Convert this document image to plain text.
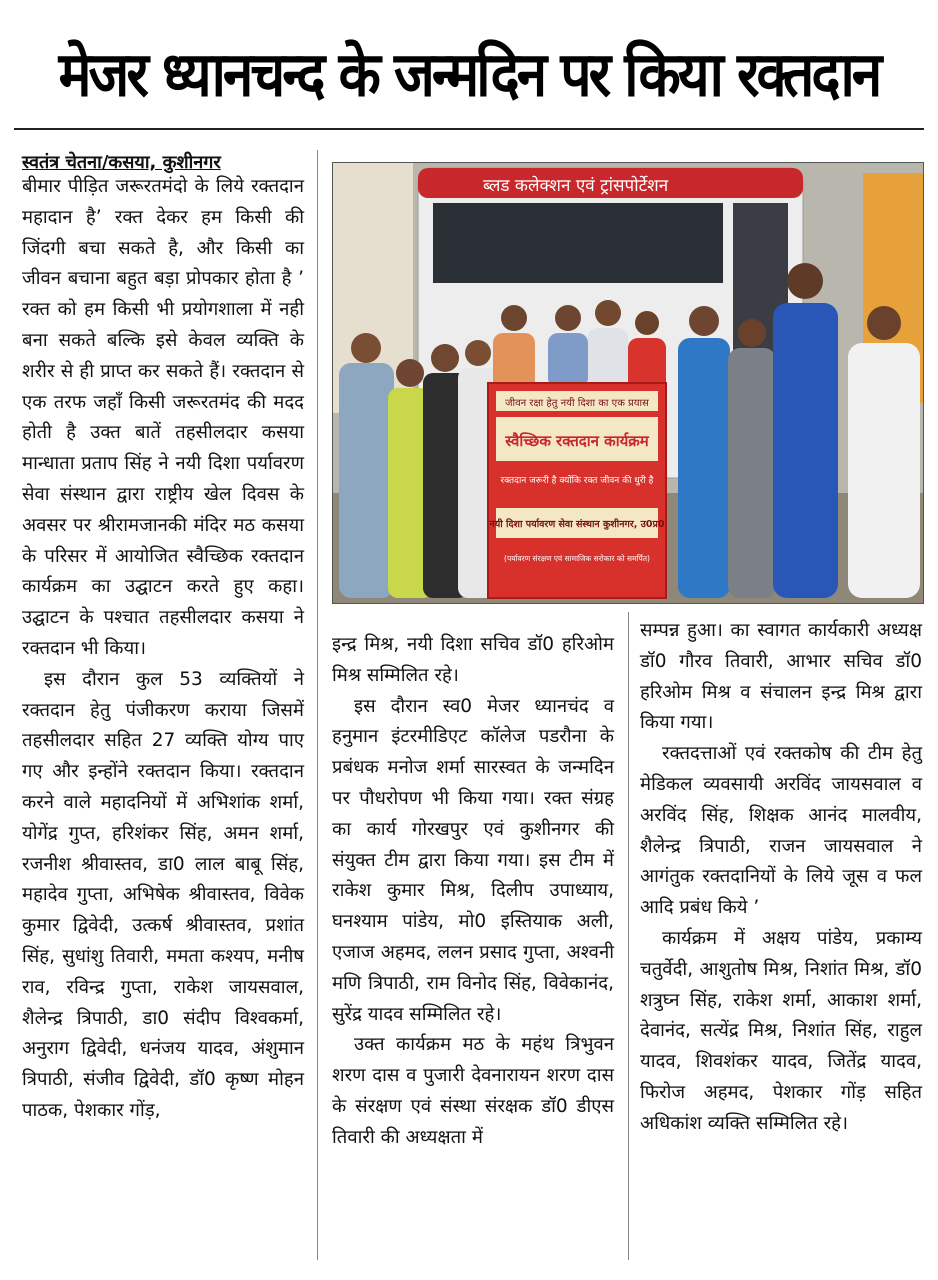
मेजर ध्यानचन्द के जन्मदिन पर किया रक्तदान
स्वतंत्र चेतना/कसया, कुशीनगर

बीमार पीड़ित जरूरतमंदो के लिये रक्तदान महादान है’ रक्त देकर हम किसी की जिंदगी बचा सकते है, और किसी का जीवन बचाना बहुत बड़ा प्रोपकार होता है ’ रक्त को हम किसी भी प्रयोगशाला में नही बना सकते बल्कि इसे केवल व्यक्ति के शरीर से ही प्राप्त कर सकते हैं। रक्तदान से एक तरफ जहाँ किसी जरूरतमंद की मदद होती है उक्त बातें तहसीलदार कसया मान्धाता प्रताप सिंह ने नयी दिशा पर्यावरण सेवा संस्थान द्वारा राष्ट्रीय खेल दिवस के अवसर पर श्रीरामजानकी मंदिर मठ कसया के परिसर में आयोजित स्वैच्छिक रक्तदान कार्यक्रम का उद्घाटन करते हुए कहा। उद्घाटन के पश्चात तहसीलदार कसया ने रक्तदान भी किया।

इस दौरान कुल 53 व्यक्तियों ने रक्तदान हेतु पंजीकरण कराया जिसमें तहसीलदार सहित 27 व्यक्ति योग्य पाए गए और इन्होंने रक्तदान किया। रक्तदान करने वाले महादनियों में अभिशांक शर्मा, योगेंद्र गुप्त, हरिशंकर सिंह, अमन शर्मा, रजनीश श्रीवास्तव, डा0 लाल बाबू सिंह, महादेव गुप्ता, अभिषेक श्रीवास्तव, विवेक कुमार द्विवेदी, उत्कर्ष श्रीवास्तव, प्रशांत सिंह, सुधांशु तिवारी, ममता कश्यप, मनीष राव, रविन्द्र गुप्ता, राकेश जायसवाल, शैलेन्द्र त्रिपाठी, डा0 संदीप विश्वकर्मा, अनुराग द्विवेदी, धनंजय यादव, अंशुमान त्रिपाठी, संजीव द्विवेदी, डॉ0 कृष्ण मोहन पाठक, पेशकार गोंड़,

ब्लड कलेक्शन एवं ट्रांसपोर्टेशन
जीवन रक्षा हेतु नयी दिशा का एक प्रयास
स्वैच्छिक रक्तदान कार्यक्रम
रक्तदान जरूरी है क्योंकि रक्त जीवन की धुरी है
नयी दिशा पर्यावरण सेवा संस्थान कुशीनगर, उ0प्र0
(पर्यावरण संरक्षण एवं सामाजिक सरोकार को समर्पित)

इन्द्र मिश्र, नयी दिशा सचिव डॉ0 हरिओम मिश्र सम्मिलित रहे।

इस दौरान स्व0 मेजर ध्यानचंद व हनुमान इंटरमीडिएट कॉलेज पडरौना के प्रबंधक मनोज शर्मा सारस्वत के जन्मदिन पर पौधरोपण भी किया गया। रक्त संग्रह का कार्य गोरखपुर एवं कुशीनगर की संयुक्त टीम द्वारा किया गया। इस टीम में राकेश कुमार मिश्र, दिलीप उपाध्याय, घनश्याम पांडेय, मो0 इस्तियाक अली, एजाज अहमद, ललन प्रसाद गुप्ता, अश्वनी मणि त्रिपाठी, राम विनोद सिंह, विवेकानंद, सुरेंद्र यादव सम्मिलित रहे।

उक्त कार्यक्रम मठ के महंथ त्रिभुवन शरण दास व पुजारी देवनारायन शरण दास के संरक्षण एवं संस्था संरक्षक डॉ0 डीएस तिवारी की अध्यक्षता में

सम्पन्न हुआ। का स्वागत कार्यकारी अध्यक्ष डॉ0 गौरव तिवारी, आभार सचिव डॉ0 हरिओम मिश्र व संचालन इन्द्र मिश्र द्वारा किया गया।

रक्तदत्ताओं एवं रक्तकोष की टीम हेतु मेडिकल व्यवसायी अरविंद जायसवाल व अरविंद सिंह, शिक्षक आनंद मालवीय, शैलेन्द्र त्रिपाठी, राजन जायसवाल ने आगंतुक रक्तदानियों के लिये जूस व फल आदि प्रबंध किये ’

कार्यक्रम में अक्षय पांडेय, प्रकाम्य चतुर्वेदी, आशुतोष मिश्र, निशांत मिश्र, डॉ0 शत्रुघ्न सिंह, राकेश शर्मा, आकाश शर्मा, देवानंद, सत्येंद्र मिश्र, निशांत सिंह, राहुल यादव, शिवशंकर यादव, जितेंद्र यादव, फिरोज अहमद, पेशकार गोंड़ सहित अधिकांश व्यक्ति सम्मिलित रहे।
